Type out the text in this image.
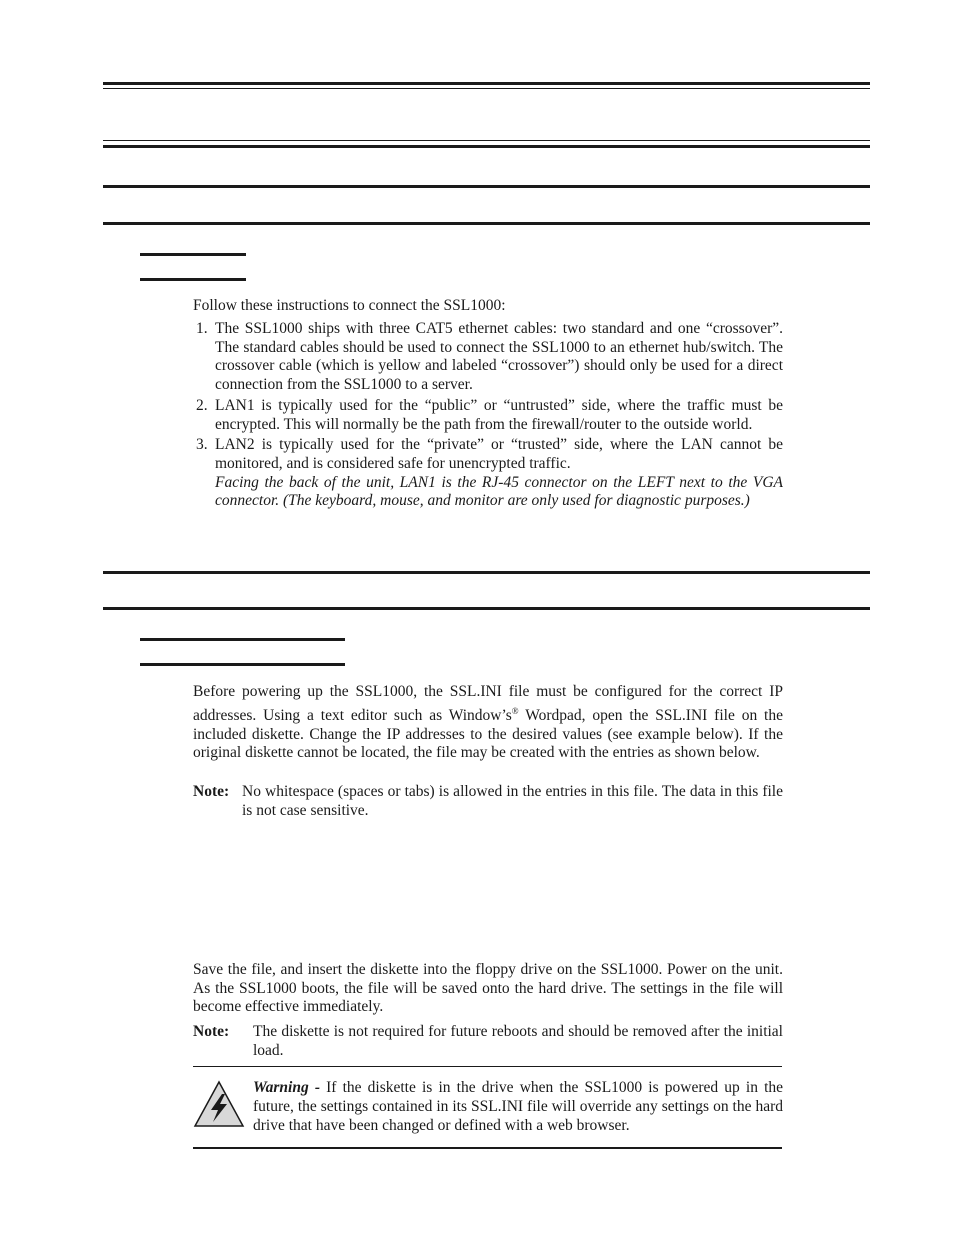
Follow these instructions to connect the SSL1000:

1. The SSL1000 ships with three CAT5 ethernet cables: two standard and one “crossover”. The standard cables should be used to connect the SSL1000 to an ethernet hub/switch. The crossover cable (which is yellow and labeled “crossover”) should only be used for a direct connection from the SSL1000 to a server.
2. LAN1 is typically used for the “public” or “untrusted” side, where the traffic must be encrypted. This will normally be the path from the firewall/router to the outside world.
3. LAN2 is typically used for the “private” or “trusted” side, where the LAN cannot be monitored, and is considered safe for unencrypted traffic.
Facing the back of the unit, LAN1 is the RJ-45 connector on the LEFT next to the VGA connector. (The keyboard, mouse, and monitor are only used for diagnostic purposes.)

Before powering up the SSL1000, the SSL.INI file must be configured for the correct IP addresses. Using a text editor such as Window’s® Wordpad, open the SSL.INI file on the included diskette. Change the IP addresses to the desired values (see example below). If the original diskette cannot be located, the file may be created with the entries as shown below.

Note: No whitespace (spaces or tabs) is allowed in the entries in this file. The data in this file is not case sensitive.

Save the file, and insert the diskette into the floppy drive on the SSL1000. Power on the unit. As the SSL1000 boots, the file will be saved onto the hard drive. The settings in the file will become effective immediately.

Note:	The diskette is not required for future reboots and should be removed after the initial load.
Warning - If the diskette is in the drive when the SSL1000 is powered up in the future, the settings contained in its SSL.INI file will override any settings on the hard drive that have been changed or defined with a web browser.
